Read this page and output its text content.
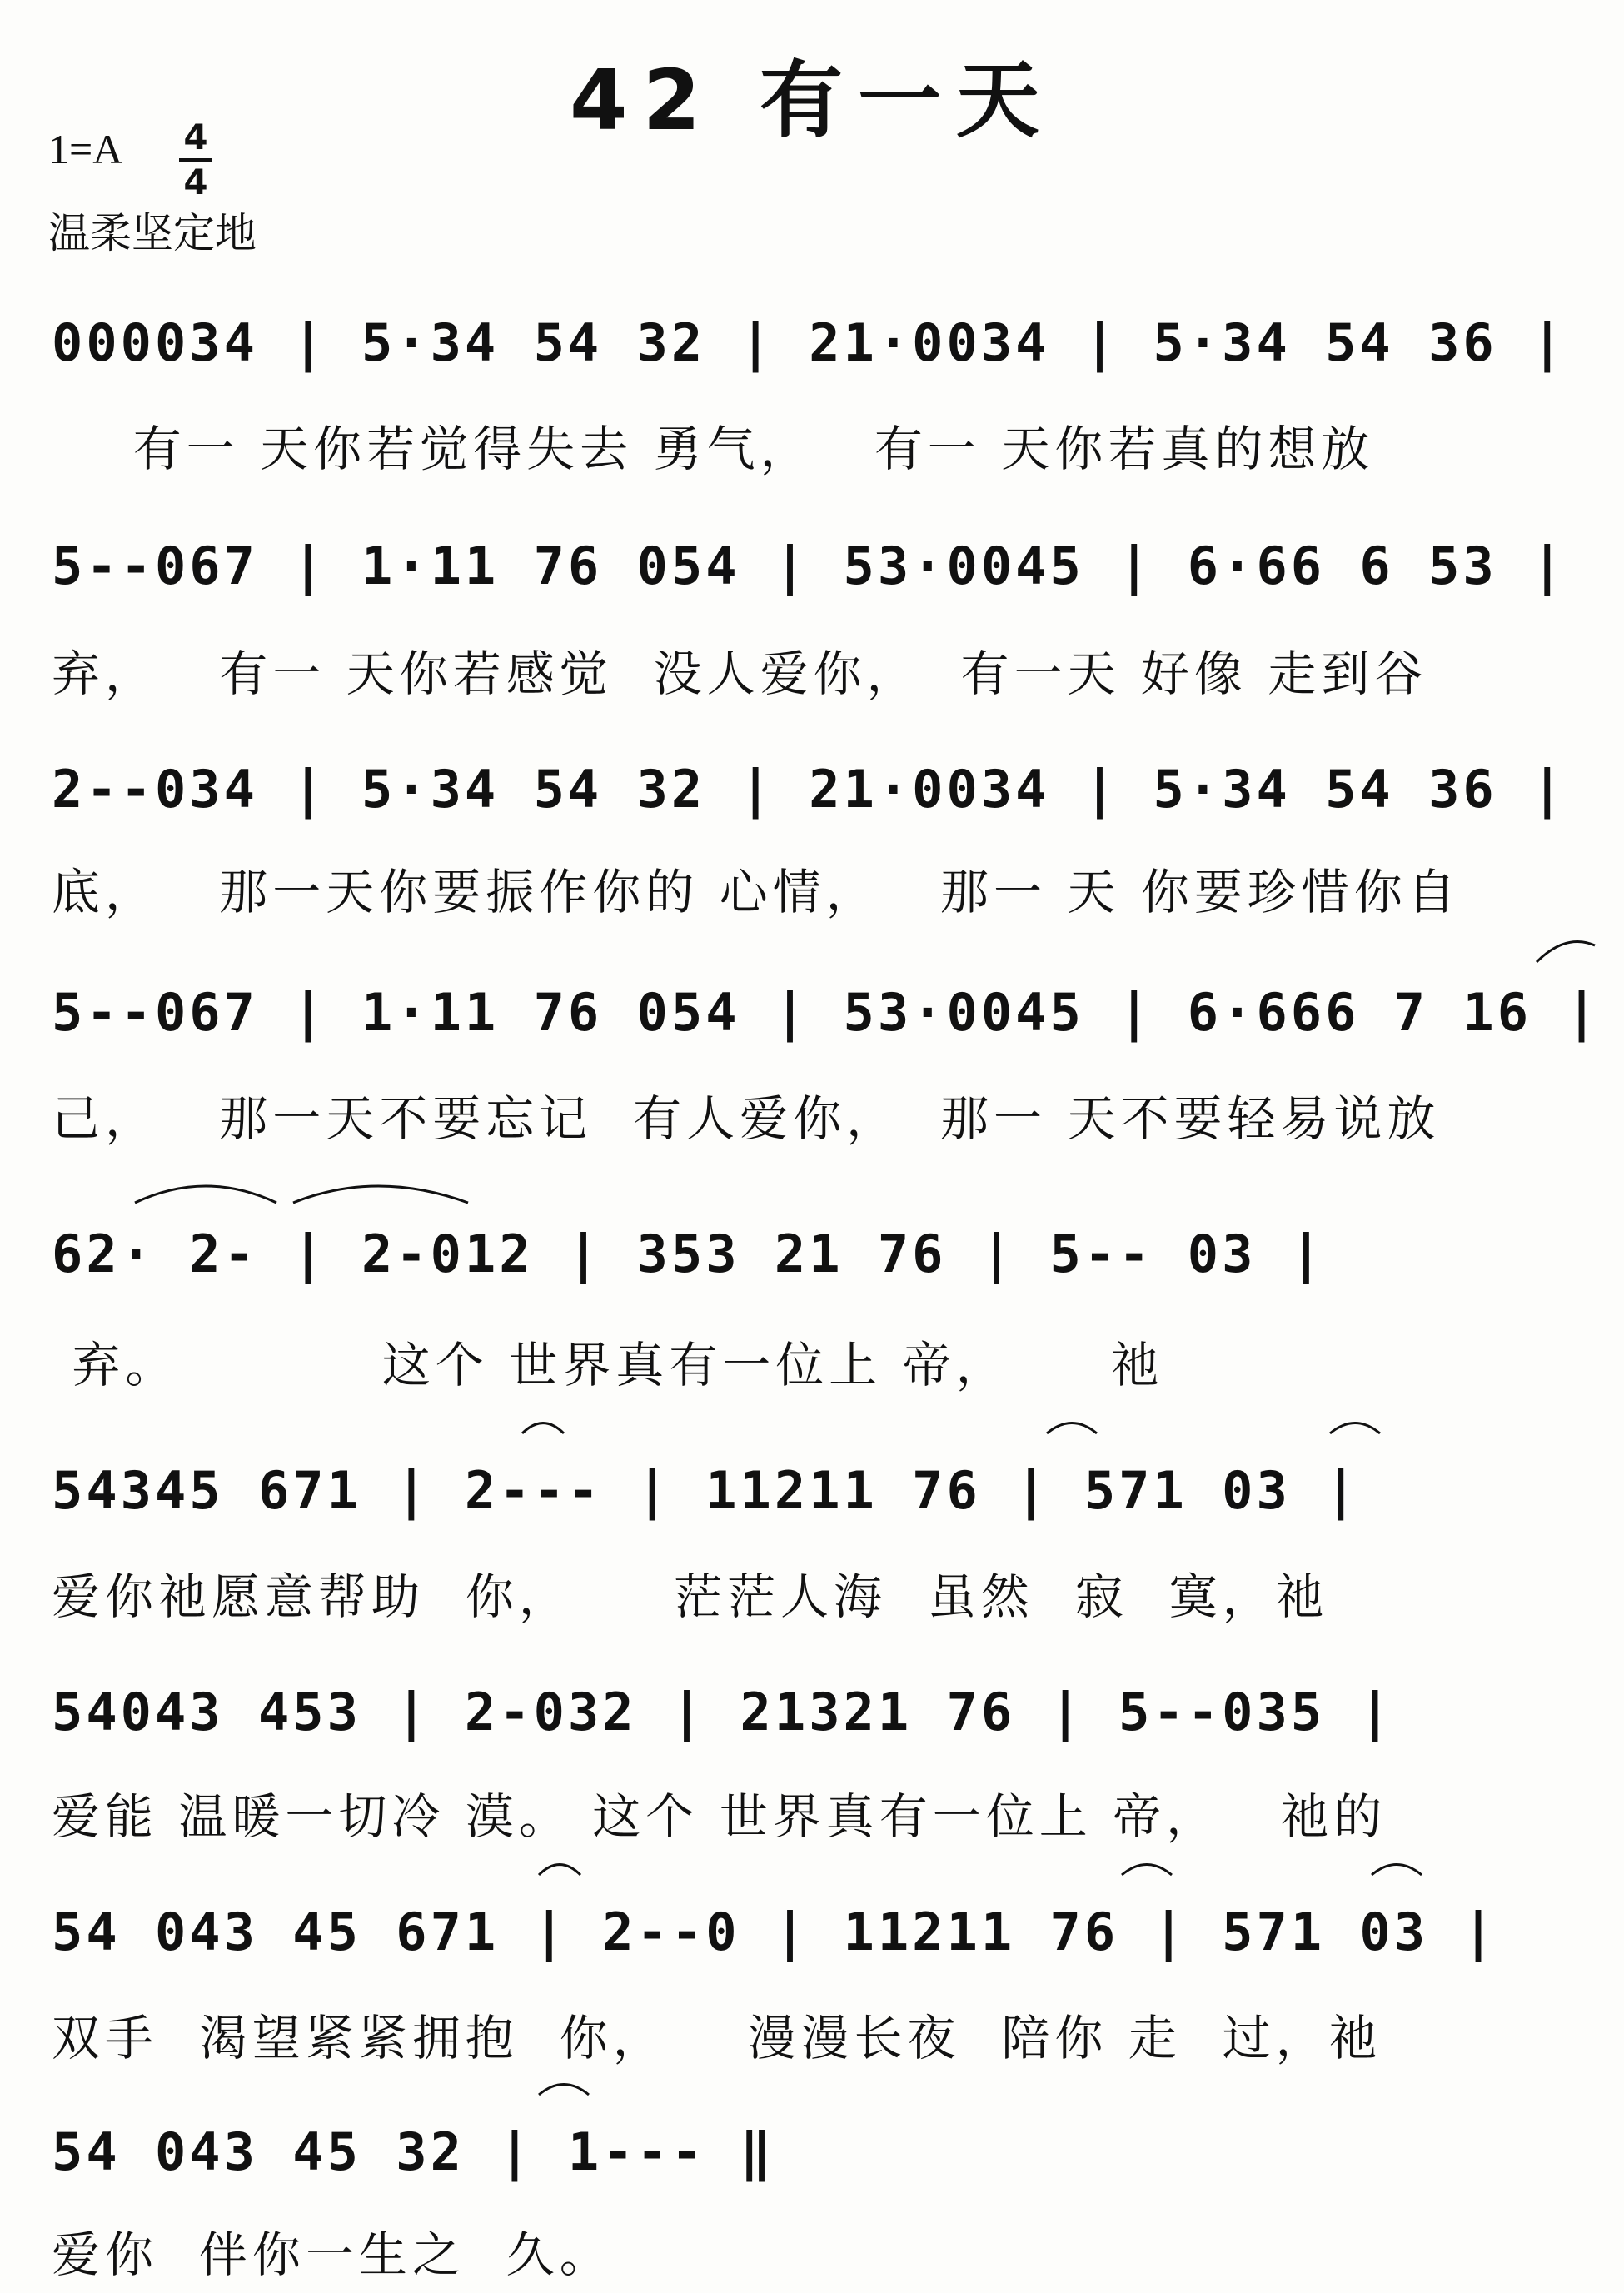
42 有一天
1=A 4
4
温柔坚定地
000034 | 5·34 54 32 | 21·0034 | 5·34 54 36 |
有一 天你若觉得失去 勇气，   有一 天你若真的想放
5--067 | 1·11 76 054 | 53·0045 | 6·66 6 53 |
弃，   有一 天你若感觉  没人爱你，  有一天 好像 走到谷
2--034 | 5·34 54 32 | 21·0034 | 5·34 54 36 |
底，   那一天你要振作你的 心情，   那一 天 你要珍惜你自
5--067 | 1·11 76 054 | 53·0045 | 6·666 7 16 |
己，   那一天不要忘记  有人爱你，  那一 天不要轻易说放
62· 2- | 2-012 | 353 21 76 | 5-- 03 |
弃。          这个 世界真有一位上 帝，     祂
54345 671 | 2--- | 11211 76 | 571 03 |
爱你祂愿意帮助  你，     茫茫人海  虽然  寂  寞，祂
54043 453 | 2-032 | 21321 76 | 5--035 |
爱能 温暖一切冷 漠。 这个 世界真有一位上 帝，   祂的
54 043 45 671 | 2--0 | 11211 76 | 571 03 |
双手  渴望紧紧拥抱  你，    漫漫长夜  陪你 走  过，祂
54 043 45 32 | 1--- ‖
爱你  伴你一生之  久。
